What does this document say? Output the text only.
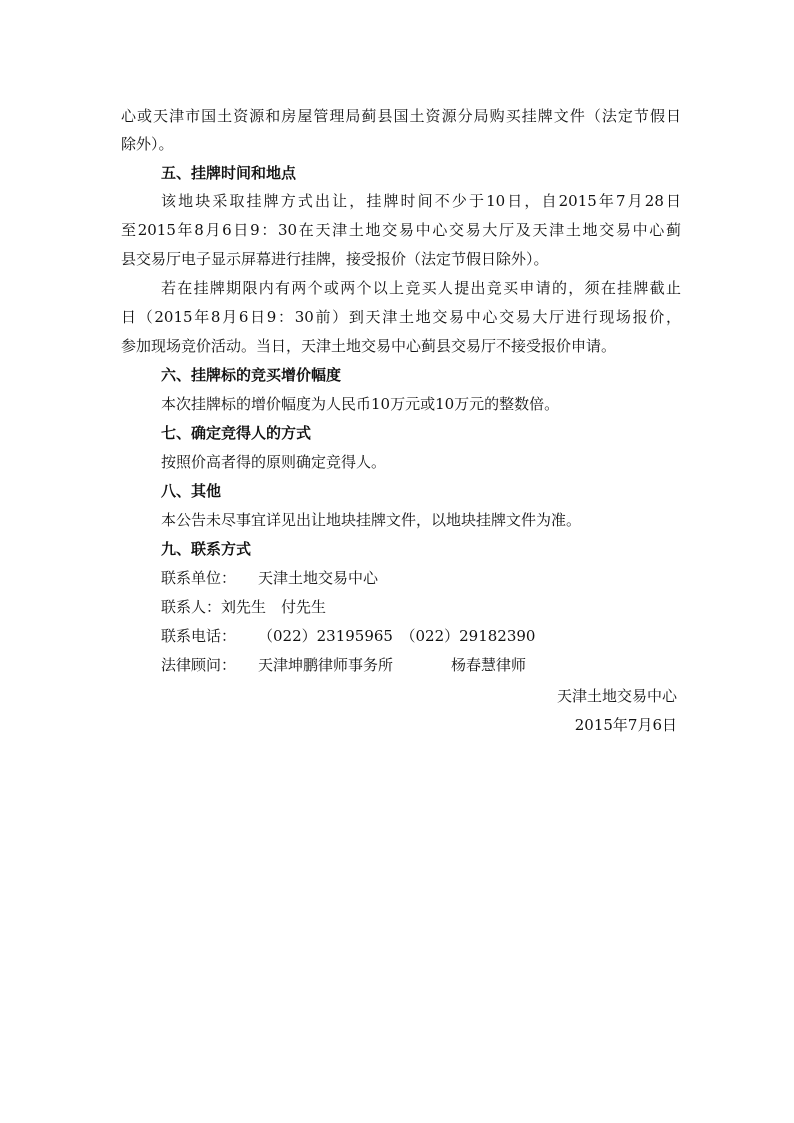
心或天津市国土资源和房屋管理局蓟县国土资源分局购买挂牌文件（法定节假日
除外）。
五、挂牌时间和地点
该地块采取挂牌方式出让，挂牌时间不少于10日，自2015年7月28日
至2015年8月6日9：30在天津土地交易中心交易大厅及天津土地交易中心蓟
县交易厅电子显示屏幕进行挂牌，接受报价（法定节假日除外）。
若在挂牌期限内有两个或两个以上竞买人提出竞买申请的，须在挂牌截止
日（2015年8月6日9：30前）到天津土地交易中心交易大厅进行现场报价，
参加现场竞价活动。当日，天津土地交易中心蓟县交易厅不接受报价申请。
六、挂牌标的竞买增价幅度
本次挂牌标的增价幅度为人民币10万元或10万元的整数倍。
七、确定竞得人的方式
按照价高者得的原则确定竞得人。
八、其他
本公告未尽事宜详见出让地块挂牌文件，以地块挂牌文件为准。
九、联系方式
联系单位： 天津土地交易中心
联系人：刘先生　付先生
联系电话： （022）23195965　（022）29182390
法律顾问： 天津坤鹏律师事务所	杨春慧律师
天津土地交易中心
2015年7月6日
